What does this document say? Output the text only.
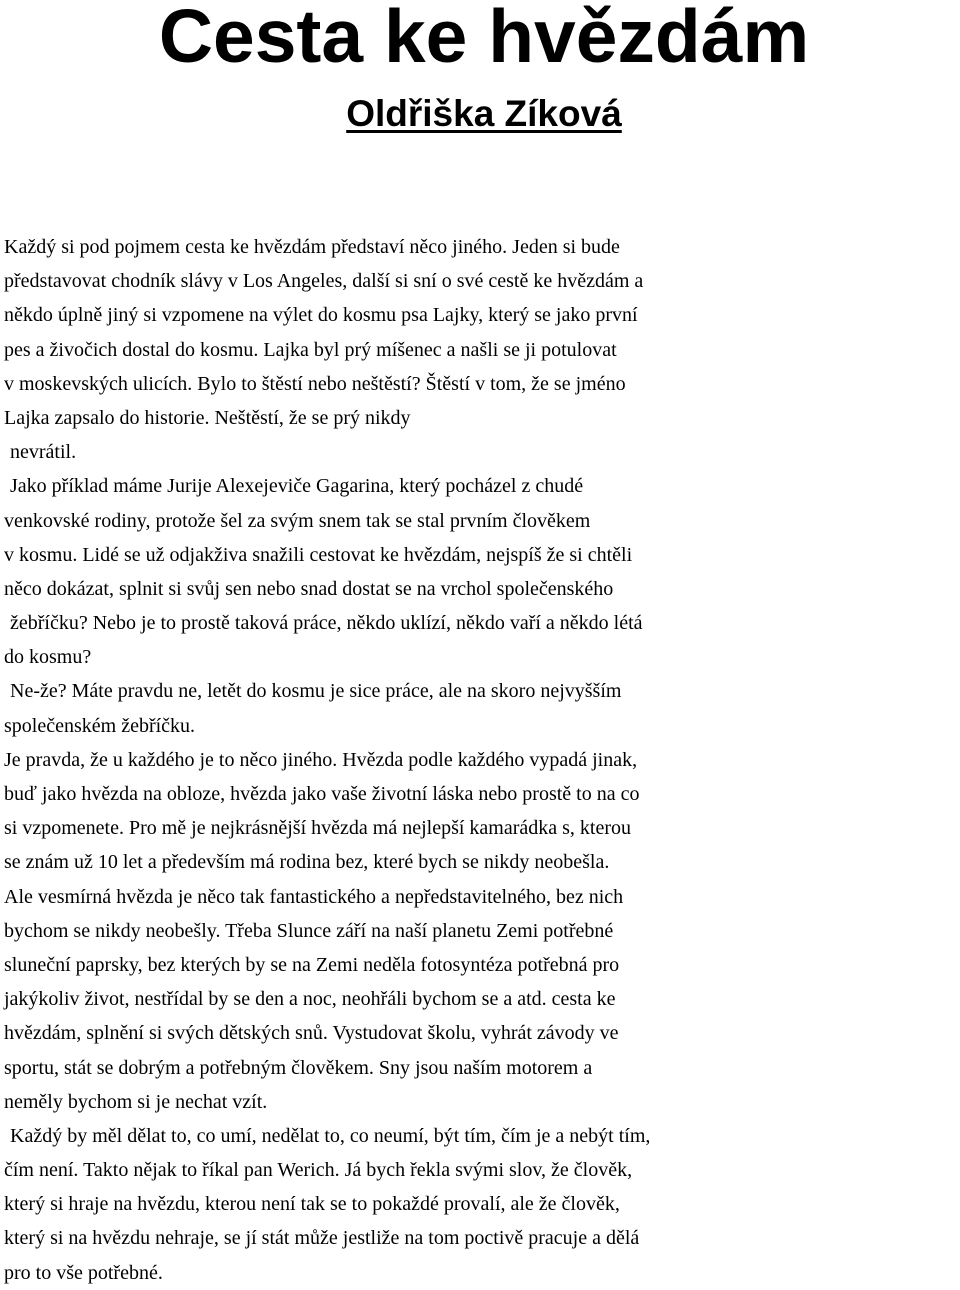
Cesta ke hvězdám
Oldřiška Zíková
Každý si pod pojmem cesta ke hvězdám představí něco jiného. Jeden si bude
představovat chodník slávy v Los Angeles, další si sní o své cestě ke hvězdám a
někdo úplně jiný si vzpomene na výlet do kosmu psa Lajky, který se jako první
pes a živočich dostal do kosmu. Lajka byl prý míšenec a našli se ji potulovat
v moskevských ulicích. Bylo to štěstí nebo neštěstí? Štěstí v tom, že se jméno
Lajka zapsalo do historie. Neštěstí, že se prý nikdy
nevrátil.
Jako příklad máme Jurije Alexejeviče Gagarina, který pocházel z chudé
venkovské rodiny, protože šel za svým snem tak se stal prvním člověkem
v kosmu. Lidé se už odjakživa snažili cestovat ke hvězdám, nejspíš že si chtěli
něco dokázat, splnit si svůj sen nebo snad dostat se na vrchol společenského
žebříčku? Nebo je to prostě taková práce, někdo uklízí, někdo vaří a někdo létá
do kosmu?
Ne-že? Máte pravdu ne, letět do kosmu je sice práce, ale na skoro nejvyšším
společenském žebříčku.
Je pravda, že u každého je to něco jiného. Hvězda podle každého vypadá jinak,
buď jako hvězda na obloze, hvězda jako vaše životní láska nebo prostě to na co
si vzpomenete. Pro mě je nejkrásnější hvězda má nejlepší kamarádka s, kterou
se znám už 10 let a především má rodina bez, které bych se nikdy neobešla.
Ale vesmírná hvězda je něco tak fantastického a nepředstavitelného, bez nich
bychom se nikdy neobešly. Třeba Slunce září na naší planetu Zemi potřebné
sluneční paprsky, bez kterých by se na Zemi neděla fotosyntéza potřebná pro
jakýkoliv život, nestřídal by se den a noc, neohřáli bychom se a atd. cesta ke
hvězdám, splnění si svých dětských snů. Vystudovat školu, vyhrát závody ve
sportu, stát se dobrým a potřebným člověkem. Sny jsou naším motorem a
neměly bychom si je nechat vzít.
Každý by měl dělat to, co umí, nedělat to, co neumí, být tím, čím je a nebýt tím,
čím není. Takto nějak to říkal pan Werich. Já bych řekla svými slov, že člověk,
který si hraje na hvězdu, kterou není tak se to pokaždé provalí, ale že člověk,
který si na hvězdu nehraje, se jí stát může jestliže na tom poctivě pracuje a dělá
pro to vše potřebné.
